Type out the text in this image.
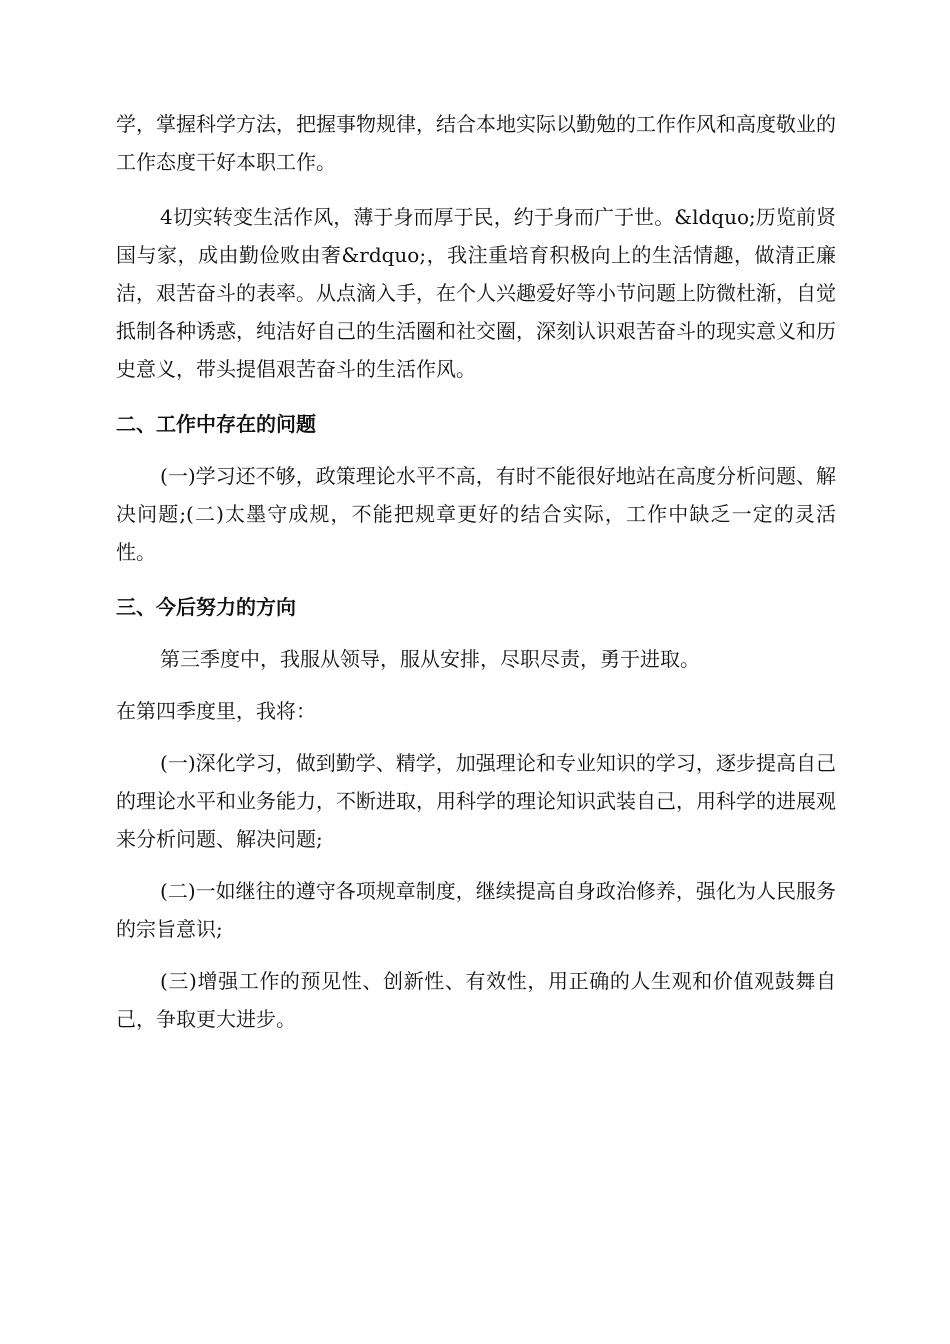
学，掌握科学方法，把握事物规律，结合本地实际以勤勉的工作作风和高度敬业的工作态度干好本职工作。

4切实转变生活作风，薄于身而厚于民，约于身而广于世。&ldquo;历览前贤国与家，成由勤俭败由奢&rdquo;，我注重培育积极向上的生活情趣，做清正廉洁，艰苦奋斗的表率。从点滴入手，在个人兴趣爱好等小节问题上防微杜渐，自觉抵制各种诱惑，纯洁好自己的生活圈和社交圈，深刻认识艰苦奋斗的现实意义和历史意义，带头提倡艰苦奋斗的生活作风。

二、工作中存在的问题

(一)学习还不够，政策理论水平不高，有时不能很好地站在高度分析问题、解决问题;(二)太墨守成规，不能把规章更好的结合实际，工作中缺乏一定的灵活性。

三、今后努力的方向

第三季度中，我服从领导，服从安排，尽职尽责，勇于进取。

在第四季度里，我将：

(一)深化学习，做到勤学、精学，加强理论和专业知识的学习，逐步提高自己的理论水平和业务能力，不断进取，用科学的理论知识武装自己，用科学的进展观来分析问题、解决问题;

(二)一如继往的遵守各项规章制度，继续提高自身政治修养，强化为人民服务的宗旨意识;

(三)增强工作的预见性、创新性、有效性，用正确的人生观和价值观鼓舞自己，争取更大进步。
